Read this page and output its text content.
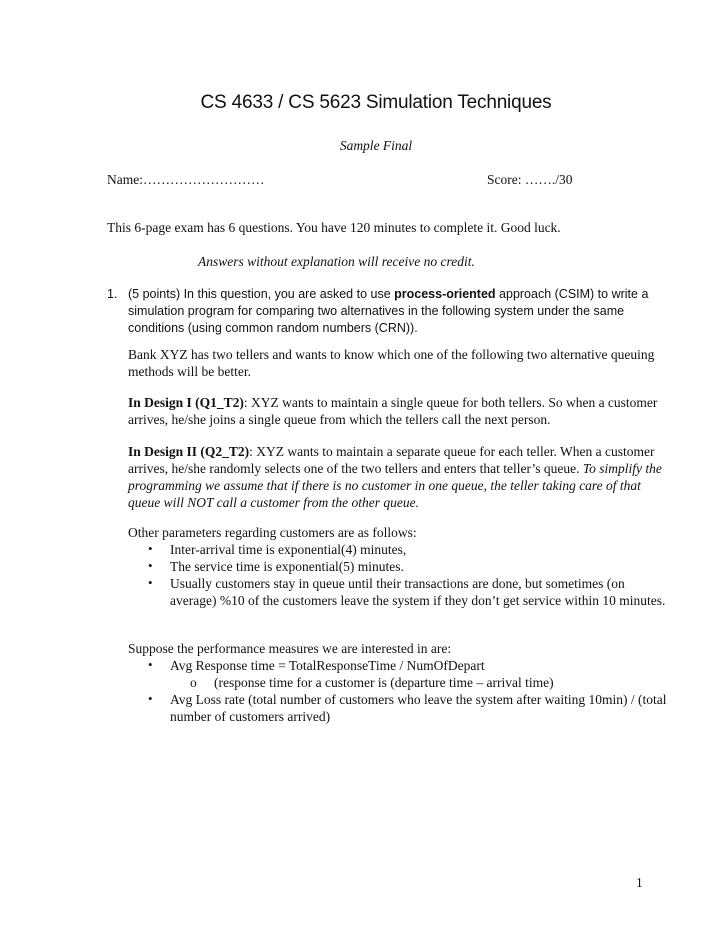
CS 4633 / CS 5623 Simulation Techniques
Sample Final
Name:………………………	Score: ……./30
This 6-page exam has 6 questions. You have 120 minutes to complete it. Good luck.
Answers without explanation will receive no credit.
1. (5 points) In this question, you are asked to use process-oriented approach (CSIM) to write a simulation program for comparing two alternatives in the following system under the same conditions (using common random numbers (CRN)).
Bank XYZ has two tellers and wants to know which one of the following two alternative queuing methods will be better.
In Design I (Q1_T2): XYZ wants to maintain a single queue for both tellers. So when a customer arrives, he/she joins a single queue from which the tellers call the next person.
In Design II (Q2_T2): XYZ wants to maintain a separate queue for each teller. When a customer arrives, he/she randomly selects one of the two tellers and enters that teller’s queue. To simplify the programming we assume that if there is no customer in one queue, the teller taking care of that queue will NOT call a customer from the other queue.
Other parameters regarding customers are as follows:
• Inter-arrival time is exponential(4) minutes,
• The service time is exponential(5) minutes.
• Usually customers stay in queue until their transactions are done, but sometimes (on average) %10 of the customers leave the system if they don’t get service within 10 minutes.
Suppose the performance measures we are interested in are:
• Avg Response time = TotalResponseTime / NumOfDepart
o (response time for a customer is (departure time – arrival time)
• Avg Loss rate (total number of customers who leave the system after waiting 10min) / (total number of customers arrived)
1
